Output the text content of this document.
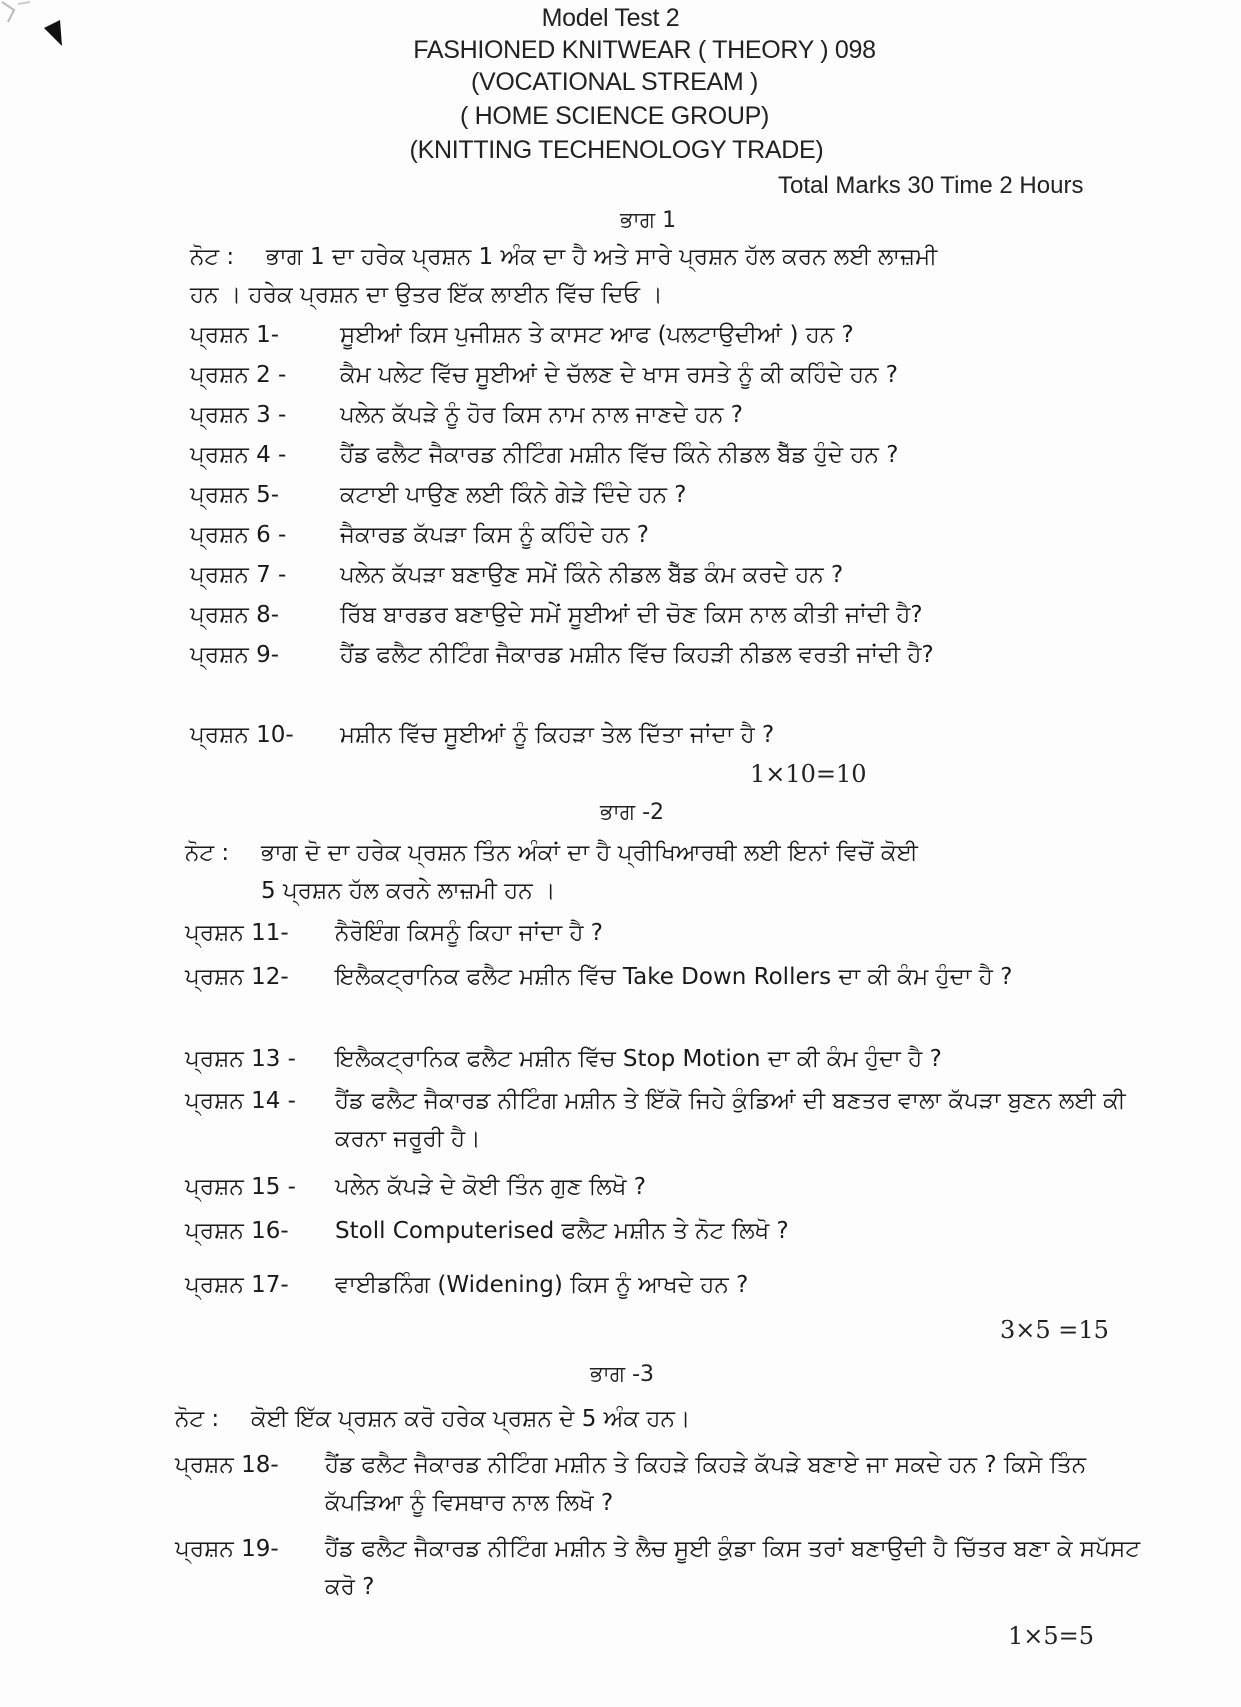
Model Test 2
FASHIONED KNITWEAR ( THEORY ) 098
(VOCATIONAL STREAM )
( HOME SCIENCE GROUP)
(KNITTING TECHENOLOGY TRADE)
Total Marks 30 Time 2 Hours
ਭਾਗ 1
ਨੋਟ : ਭਾਗ 1 ਦਾ ਹਰੇਕ ਪ੍ਰਸ਼ਨ 1 ਅੰਕ ਦਾ ਹੈ ਅਤੇ ਸਾਰੇ ਪ੍ਰਸ਼ਨ ਹੱਲ ਕਰਨ ਲਈ ਲਾਜ਼ਮੀ
ਹਨ । ਹਰੇਕ ਪ੍ਰਸ਼ਨ ਦਾ ਉਤਰ ਇੱਕ ਲਾਈਨ ਵਿੱਚ ਦਿਓ ।
ਪ੍ਰਸ਼ਨ 1-	ਸੂਈਆਂ ਕਿਸ ਪੁਜੀਸ਼ਨ ਤੇ ਕਾਸਟ ਆਫ (ਪਲਟਾਉਦੀਆਂ ) ਹਨ ?
ਪ੍ਰਸ਼ਨ 2 -	ਕੈਮ ਪਲੇਟ ਵਿੱਚ ਸੂਈਆਂ ਦੇ ਚੱਲਣ ਦੇ ਖਾਸ ਰਸਤੇ ਨੂੰ ਕੀ ਕਹਿੰਦੇ ਹਨ ?
ਪ੍ਰਸ਼ਨ 3 -	ਪਲੇਨ ਕੱਪੜੇ ਨੂੰ ਹੋਰ ਕਿਸ ਨਾਮ ਨਾਲ ਜਾਣਦੇ ਹਨ ?
ਪ੍ਰਸ਼ਨ 4 -	ਹੈਂਡ ਫਲੈਟ ਜੈਕਾਰਡ ਨੀਟਿੰਗ ਮਸ਼ੀਨ ਵਿੱਚ ਕਿੰਨੇ ਨੀਡਲ ਬੈੱਡ ਹੁੰਦੇ ਹਨ ?
ਪ੍ਰਸ਼ਨ 5-	ਕਟਾਈ ਪਾਉਣ ਲਈ ਕਿੰਨੇ ਗੇੜੇ ਦਿੰਦੇ ਹਨ ?
ਪ੍ਰਸ਼ਨ 6 -	ਜੈਕਾਰਡ ਕੱਪੜਾ ਕਿਸ ਨੂੰ ਕਹਿੰਦੇ ਹਨ ?
ਪ੍ਰਸ਼ਨ 7 -	ਪਲੇਨ ਕੱਪੜਾ ਬਣਾਉਣ ਸਮੇਂ ਕਿੰਨੇ ਨੀਡਲ ਬੈੱਡ ਕੰਮ ਕਰਦੇ ਹਨ ?
ਪ੍ਰਸ਼ਨ 8-	ਰਿੱਬ ਬਾਰਡਰ ਬਣਾਉਦੇ ਸਮੇਂ ਸੂਈਆਂ ਦੀ ਚੋਣ ਕਿਸ ਨਾਲ ਕੀਤੀ ਜਾਂਦੀ ਹੈ?
ਪ੍ਰਸ਼ਨ 9-	ਹੈਂਡ ਫਲੈਟ ਨੀਟਿੰਗ ਜੈਕਾਰਡ ਮਸ਼ੀਨ ਵਿੱਚ ਕਿਹੜੀ ਨੀਡਲ ਵਰਤੀ ਜਾਂਦੀ ਹੈ?
ਪ੍ਰਸ਼ਨ 10-	ਮਸ਼ੀਨ ਵਿੱਚ ਸੂਈਆਂ ਨੂੰ ਕਿਹੜਾ ਤੇਲ ਦਿੱਤਾ ਜਾਂਦਾ ਹੈ ?
1×10=10
ਭਾਗ -2
ਨੋਟ : ਭਾਗ ਦੋ ਦਾ ਹਰੇਕ ਪ੍ਰਸ਼ਨ ਤਿੰਨ ਅੰਕਾਂ ਦਾ ਹੈ ਪ੍ਰੀਖਿਆਰਥੀ ਲਈ ਇਨਾਂ ਵਿਚੋਂ ਕੋਈ
5 ਪ੍ਰਸ਼ਨ ਹੱਲ ਕਰਨੇ ਲਾਜ਼ਮੀ ਹਨ ।
ਪ੍ਰਸ਼ਨ 11-	ਨੈਰੋਇੰਗ ਕਿਸਨੂੰ ਕਿਹਾ ਜਾਂਦਾ ਹੈ ?
ਪ੍ਰਸ਼ਨ 12-	ਇਲੈਕਟ੍ਰਾਨਿਕ ਫਲੈਟ ਮਸ਼ੀਨ ਵਿੱਚ Take Down Rollers ਦਾ ਕੀ ਕੰਮ ਹੁੰਦਾ ਹੈ ?
ਪ੍ਰਸ਼ਨ 13 -	ਇਲੈਕਟ੍ਰਾਨਿਕ ਫਲੈਟ ਮਸ਼ੀਨ ਵਿੱਚ Stop Motion ਦਾ ਕੀ ਕੰਮ ਹੁੰਦਾ ਹੈ ?
ਪ੍ਰਸ਼ਨ 14 -	ਹੈਂਡ ਫਲੈਟ ਜੈਕਾਰਡ ਨੀਟਿੰਗ ਮਸ਼ੀਨ ਤੇ ਇੱਕੋ ਜਿਹੇ ਕੁੰਡਿਆਂ ਦੀ ਬਣਤਰ ਵਾਲਾ ਕੱਪੜਾ ਬੁਣਨ ਲਈ ਕੀ ਕਰਨਾ ਜਰੂਰੀ ਹੈ।
ਪ੍ਰਸ਼ਨ 15 -	ਪਲੇਨ ਕੱਪੜੇ ਦੇ ਕੋਈ ਤਿੰਨ ਗੁਣ ਲਿਖੋ ?
ਪ੍ਰਸ਼ਨ 16-	Stoll Computerised ਫਲੈਟ ਮਸ਼ੀਨ ਤੇ ਨੋਟ ਲਿਖੋ ?
ਪ੍ਰਸ਼ਨ 17-	ਵਾਈਡਨਿੰਗ (Widening) ਕਿਸ ਨੂੰ ਆਖਦੇ ਹਨ ?
3×5 =15
ਭਾਗ -3
ਨੋਟ : ਕੋਈ ਇੱਕ ਪ੍ਰਸ਼ਨ ਕਰੋ ਹਰੇਕ ਪ੍ਰਸ਼ਨ ਦੇ 5 ਅੰਕ ਹਨ।
ਪ੍ਰਸ਼ਨ 18-	ਹੈਂਡ ਫਲੈਟ ਜੈਕਾਰਡ ਨੀਟਿੰਗ ਮਸ਼ੀਨ ਤੇ ਕਿਹੜੇ ਕਿਹੜੇ ਕੱਪੜੇ ਬਣਾਏ ਜਾ ਸਕਦੇ ਹਨ ? ਕਿਸੇ ਤਿੰਨ ਕੱਪੜਿਆ ਨੂੰ ਵਿਸਥਾਰ ਨਾਲ ਲਿਖੋ ?
ਪ੍ਰਸ਼ਨ 19-	ਹੈਂਡ ਫਲੈਟ ਜੈਕਾਰਡ ਨੀਟਿੰਗ ਮਸ਼ੀਨ ਤੇ ਲੈਚ ਸੂਈ ਕੁੰਡਾ ਕਿਸ ਤਰਾਂ ਬਣਾਉਦੀ ਹੈ ਚਿੱਤਰ ਬਣਾ ਕੇ ਸਪੱਸਟ ਕਰੋ ?
1×5=5
